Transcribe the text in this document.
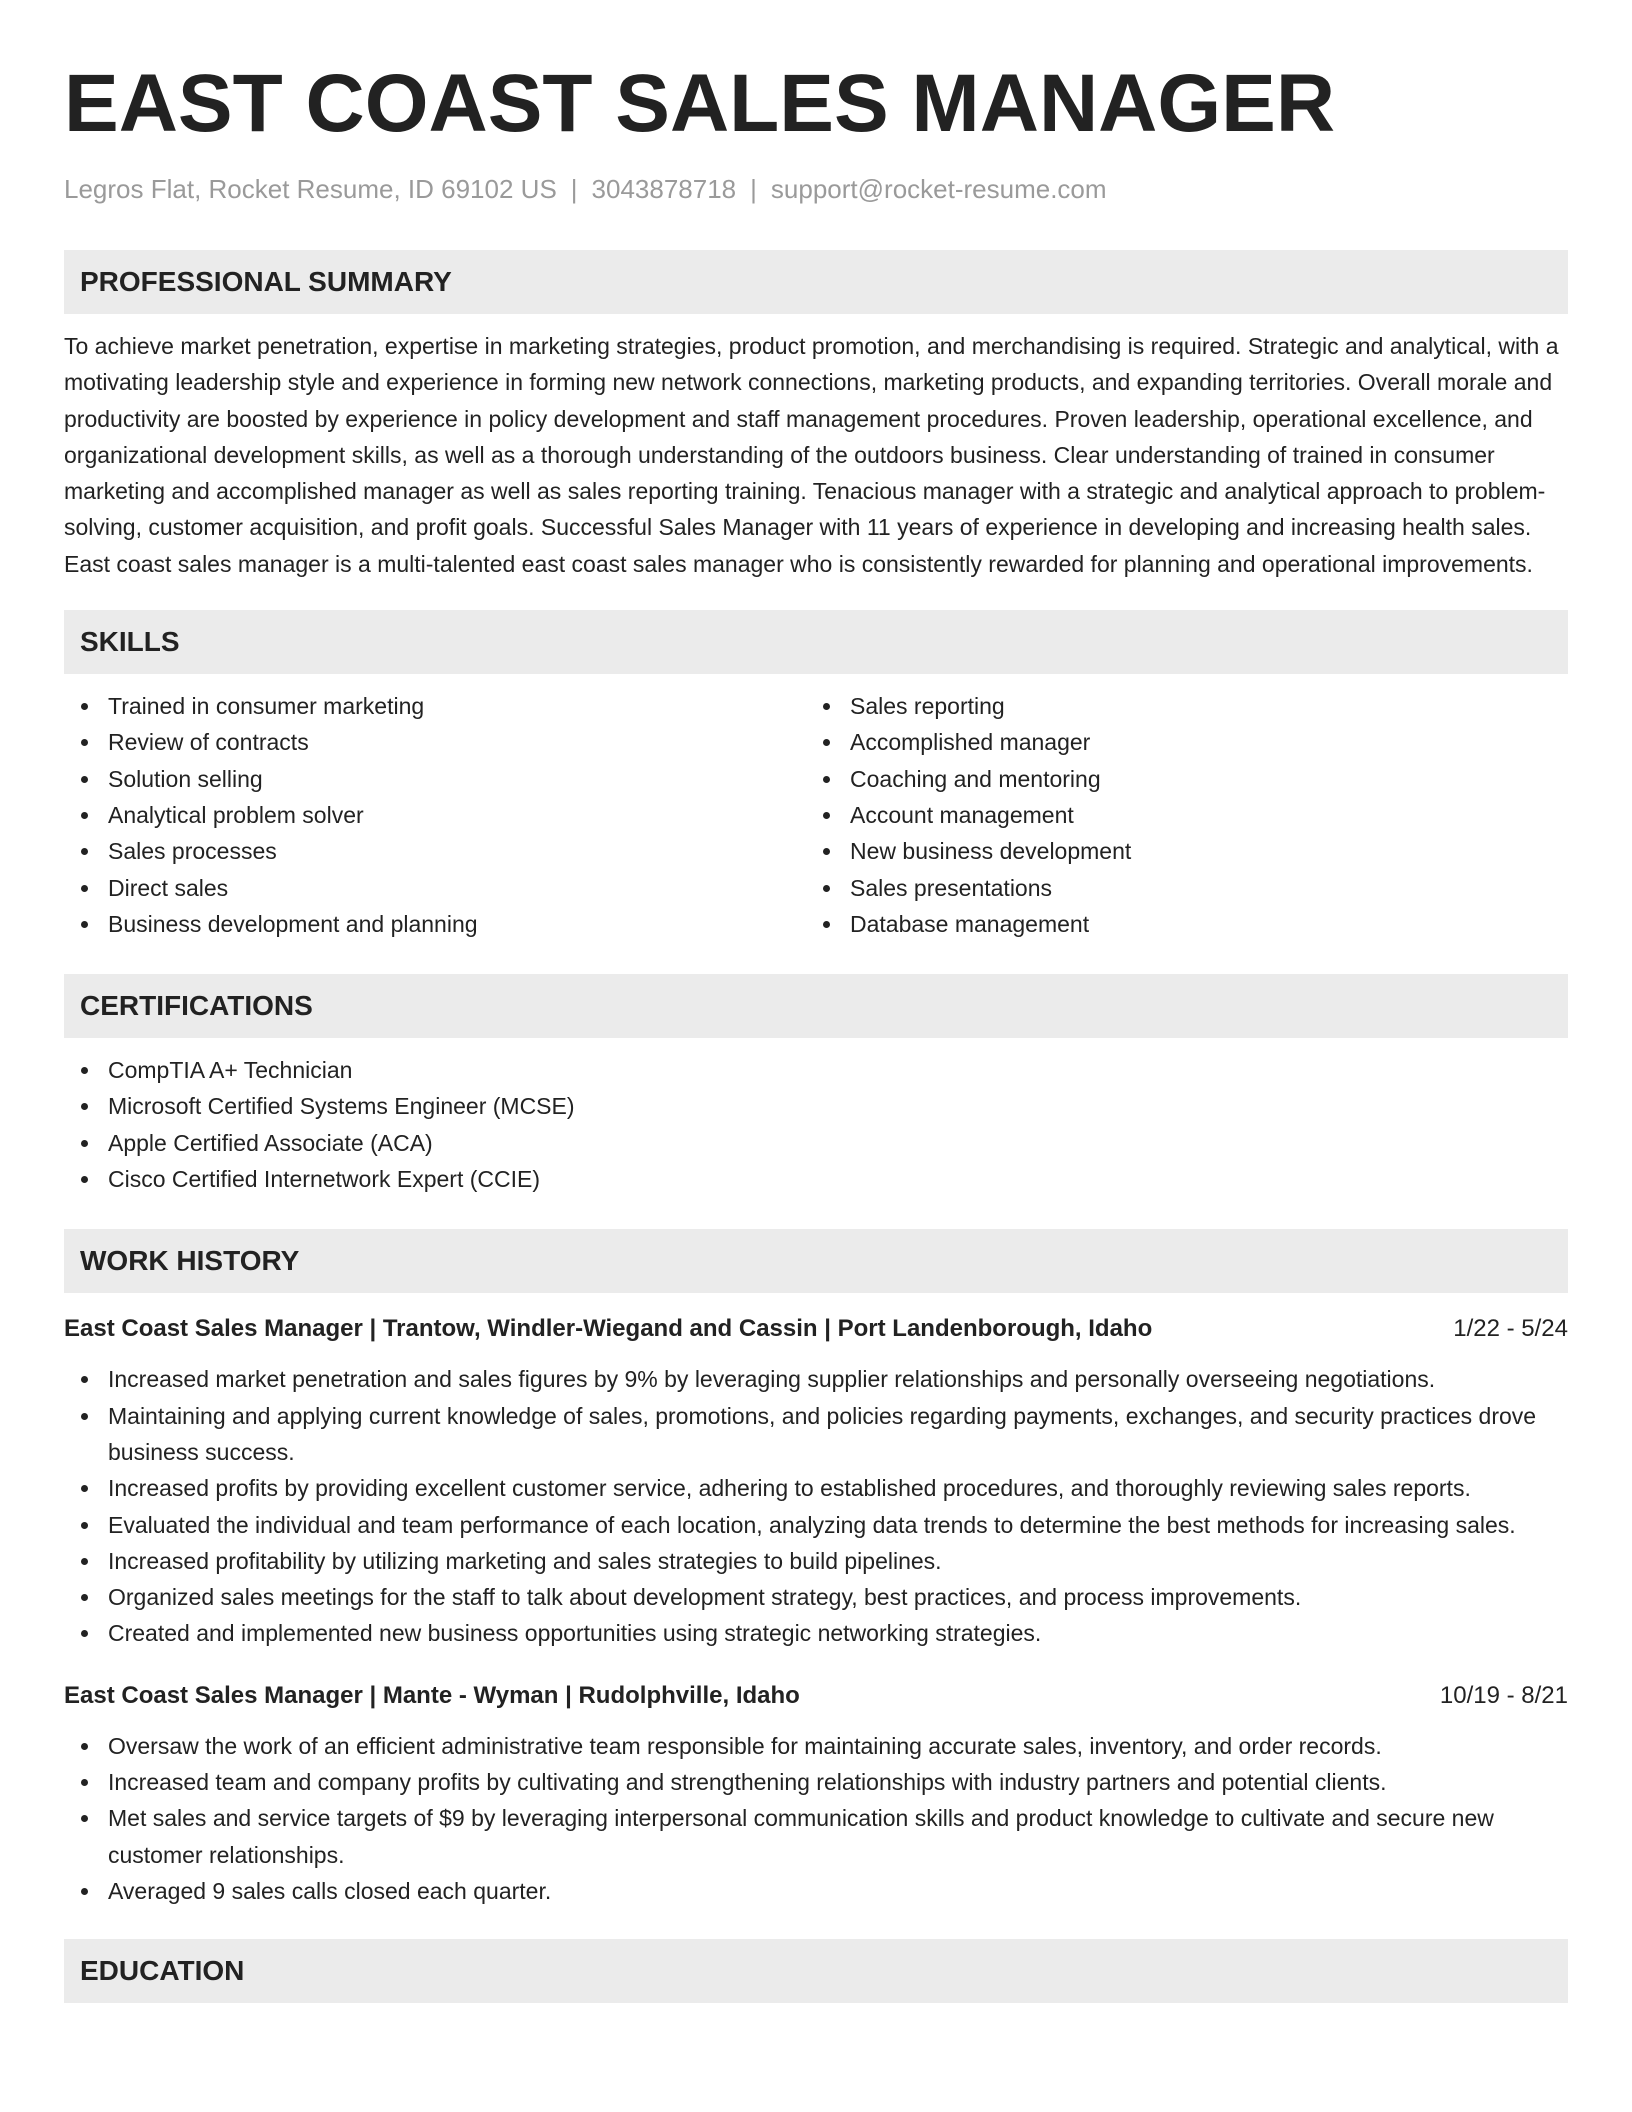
EAST COAST SALES MANAGER
Legros Flat, Rocket Resume, ID 69102 US | 3043878718 | support@rocket-resume.com
PROFESSIONAL SUMMARY
To achieve market penetration, expertise in marketing strategies, product promotion, and merchandising is required. Strategic and analytical, with a motivating leadership style and experience in forming new network connections, marketing products, and expanding territories. Overall morale and productivity are boosted by experience in policy development and staff management procedures. Proven leadership, operational excellence, and organizational development skills, as well as a thorough understanding of the outdoors business. Clear understanding of trained in consumer marketing and accomplished manager as well as sales reporting training. Tenacious manager with a strategic and analytical approach to problem-solving, customer acquisition, and profit goals. Successful Sales Manager with 11 years of experience in developing and increasing health sales. East coast sales manager is a multi-talented east coast sales manager who is consistently rewarded for planning and operational improvements.
SKILLS
Trained in consumer marketing
Review of contracts
Solution selling
Analytical problem solver
Sales processes
Direct sales
Business development and planning
Sales reporting
Accomplished manager
Coaching and mentoring
Account management
New business development
Sales presentations
Database management
CERTIFICATIONS
CompTIA A+ Technician
Microsoft Certified Systems Engineer (MCSE)
Apple Certified Associate (ACA)
Cisco Certified Internetwork Expert (CCIE)
WORK HISTORY
East Coast Sales Manager | Trantow, Windler-Wiegand and Cassin | Port Landenborough, Idaho	1/22 - 5/24
Increased market penetration and sales figures by 9% by leveraging supplier relationships and personally overseeing negotiations.
Maintaining and applying current knowledge of sales, promotions, and policies regarding payments, exchanges, and security practices drove business success.
Increased profits by providing excellent customer service, adhering to established procedures, and thoroughly reviewing sales reports.
Evaluated the individual and team performance of each location, analyzing data trends to determine the best methods for increasing sales.
Increased profitability by utilizing marketing and sales strategies to build pipelines.
Organized sales meetings for the staff to talk about development strategy, best practices, and process improvements.
Created and implemented new business opportunities using strategic networking strategies.
East Coast Sales Manager | Mante - Wyman | Rudolphville, Idaho	10/19 - 8/21
Oversaw the work of an efficient administrative team responsible for maintaining accurate sales, inventory, and order records.
Increased team and company profits by cultivating and strengthening relationships with industry partners and potential clients.
Met sales and service targets of $9 by leveraging interpersonal communication skills and product knowledge to cultivate and secure new customer relationships.
Averaged 9 sales calls closed each quarter.
EDUCATION
